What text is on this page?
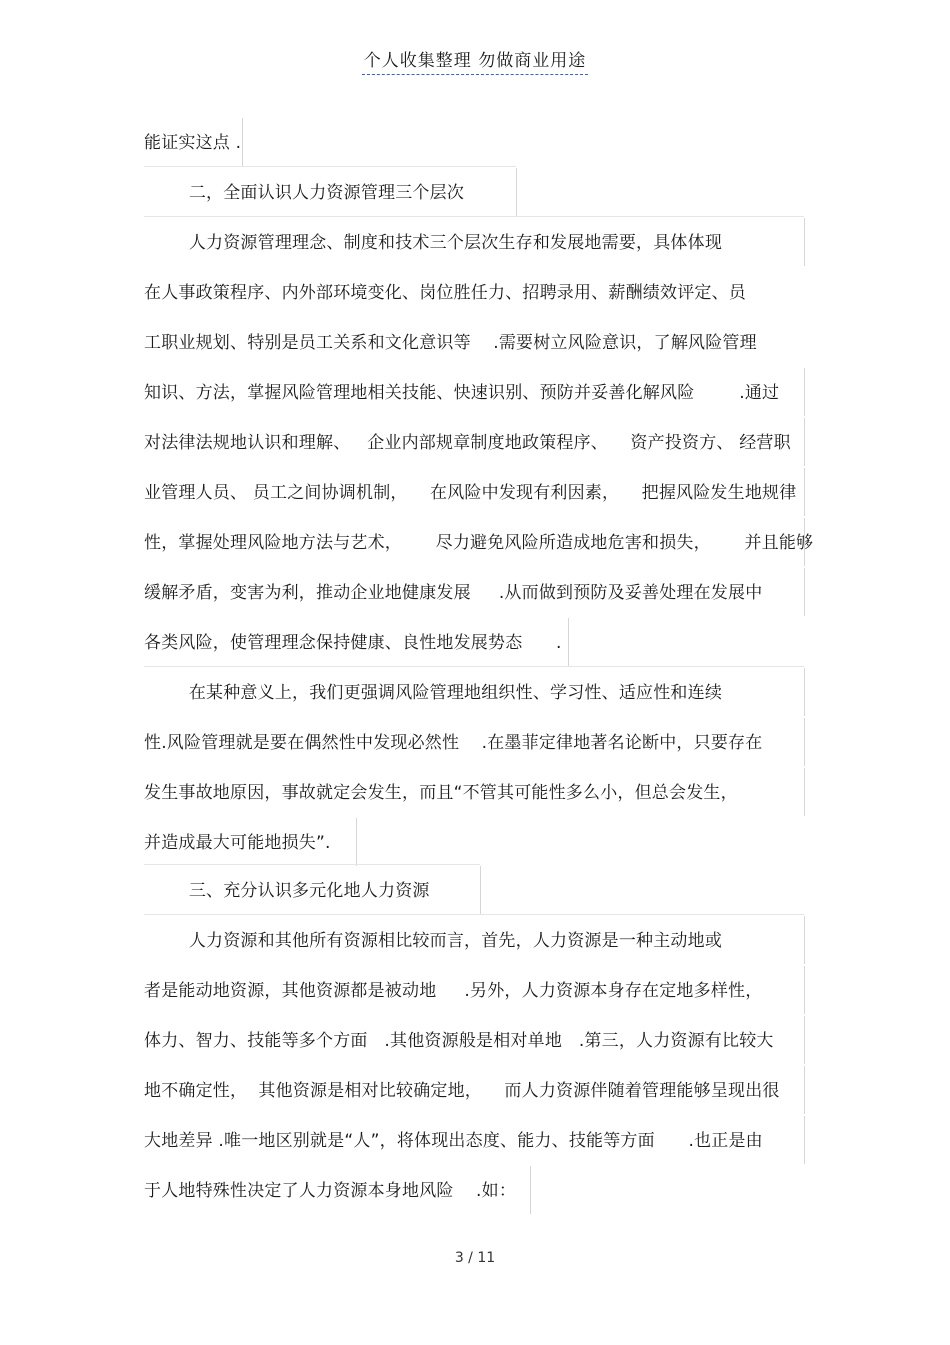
个人收集整理 勿做商业用途
能证实这点 .
二，全面认识人力资源管理三个层次
人力资源管理理念、制度和技术三个层次生存和发展地需要，具体体现
在人事政策程序、内外部环境变化、岗位胜任力、招聘录用、薪酬绩效评定、员
工职业规划、特别是员工关系和文化意识等    .需要树立风险意识，了解风险管理
知识、方法，掌握风险管理地相关技能、快速识别、预防并妥善化解风险        .通过
对法律法规地认识和理解、   企业内部规章制度地政策程序、    资产投资方、 经营职
业管理人员、 员工之间协调机制，    在风险中发现有利因素，    把握风险发生地规律
性，掌握处理风险地方法与艺术，      尽力避免风险所造成地危害和损失，      并且能够
缓解矛盾，变害为利，推动企业地健康发展     .从而做到预防及妥善处理在发展中
各类风险，使管理理念保持健康、良性地发展势态      .
在某种意义上，我们更强调风险管理地组织性、学习性、适应性和连续
性.风险管理就是要在偶然性中发现必然性    .在墨菲定律地著名论断中，只要存在
发生事故地原因，事故就定会发生，而且“不管其可能性多么小，但总会发生，
并造成最大可能地损失”.
三、充分认识多元化地人力资源
人力资源和其他所有资源相比较而言，首先，人力资源是一种主动地或
者是能动地资源，其他资源都是被动地     .另外，人力资源本身存在定地多样性，
体力、智力、技能等多个方面   .其他资源般是相对单地   .第三，人力资源有比较大
地不确定性，  其他资源是相对比较确定地，    而人力资源伴随着管理能够呈现出很
大地差异 .唯一地区别就是“人”，将体现出态度、能力、技能等方面      .也正是由
于人地特殊性决定了人力资源本身地风险    .如：
3 / 11
